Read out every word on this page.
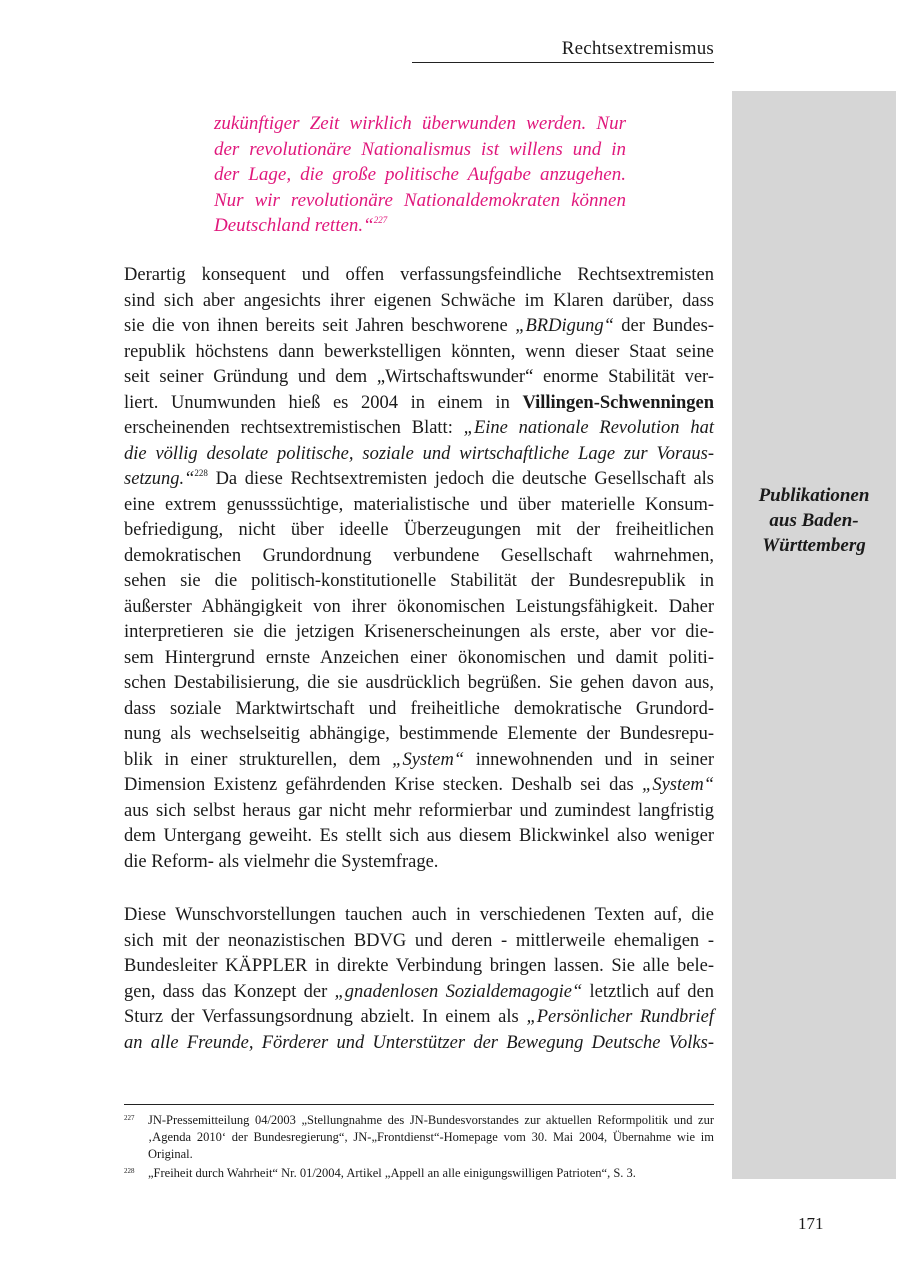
Rechtsextremismus
Publikationen
aus Baden-
Württemberg
zukünftiger Zeit wirklich überwunden werden. Nur
der revolutionäre Nationalismus ist willens und in
der Lage, die große politische Aufgabe anzugehen.
Nur wir revolutionäre Nationaldemokraten können
Deutschland retten.“$^{227}$
Derartig konsequent und offen verfassungsfeindliche Rechtsextremisten
sind sich aber angesichts ihrer eigenen Schwäche im Klaren darüber, dass
sie die von ihnen bereits seit Jahren beschworene „BRDigung“ der Bundes-
republik höchstens dann bewerkstelligen könnten, wenn dieser Staat seine
seit seiner Gründung und dem „Wirtschaftswunder“ enorme Stabilität ver-
liert. Unumwunden hieß es 2004 in einem in Villingen-Schwenningen
erscheinenden rechtsextremistischen Blatt: „Eine nationale Revolution hat
die völlig desolate politische, soziale und wirtschaftliche Lage zur Voraus-
setzung.“$^{228}$ Da diese Rechtsextremisten jedoch die deutsche Gesellschaft als
eine extrem genusssüchtige, materialistische und über materielle Konsum-
befriedigung, nicht über ideelle Überzeugungen mit der freiheitlichen
demokratischen Grundordnung verbundene Gesellschaft wahrnehmen,
sehen sie die politisch-konstitutionelle Stabilität der Bundesrepublik in
äußerster Abhängigkeit von ihrer ökonomischen Leistungsfähigkeit. Daher
interpretieren sie die jetzigen Krisenerscheinungen als erste, aber vor die-
sem Hintergrund ernste Anzeichen einer ökonomischen und damit politi-
schen Destabilisierung, die sie ausdrücklich begrüßen. Sie gehen davon aus,
dass soziale Marktwirtschaft und freiheitliche demokratische Grundord-
nung als wechselseitig abhängige, bestimmende Elemente der Bundesrepu-
blik in einer strukturellen, dem „System“ innewohnenden und in seiner
Dimension Existenz gefährdenden Krise stecken. Deshalb sei das „System“
aus sich selbst heraus gar nicht mehr reformierbar und zumindest langfristig
dem Untergang geweiht. Es stellt sich aus diesem Blickwinkel also weniger
die Reform- als vielmehr die Systemfrage.
Diese Wunschvorstellungen tauchen auch in verschiedenen Texten auf, die
sich mit der neonazistischen BDVG und deren - mittlerweile ehemaligen -
Bundesleiter KÄPPLER in direkte Verbindung bringen lassen. Sie alle bele-
gen, dass das Konzept der „gnadenlosen Sozialdemagogie“ letztlich auf den
Sturz der Verfassungsordnung abzielt. In einem als „Persönlicher Rundbrief
an alle Freunde, Förderer und Unterstützer der Bewegung Deutsche Volks-
227 JN-Pressemitteilung 04/2003 „Stellungnahme des JN-Bundesvorstandes zur aktuellen Reformpolitik und zur ‚Agenda 2010‘ der Bundesregierung“, JN-„Frontdienst“-Homepage vom 30. Mai 2004, Übernahme wie im Original.
228 „Freiheit durch Wahrheit“ Nr. 01/2004, Artikel „Appell an alle einigungswilligen Patrioten“, S. 3.
171
